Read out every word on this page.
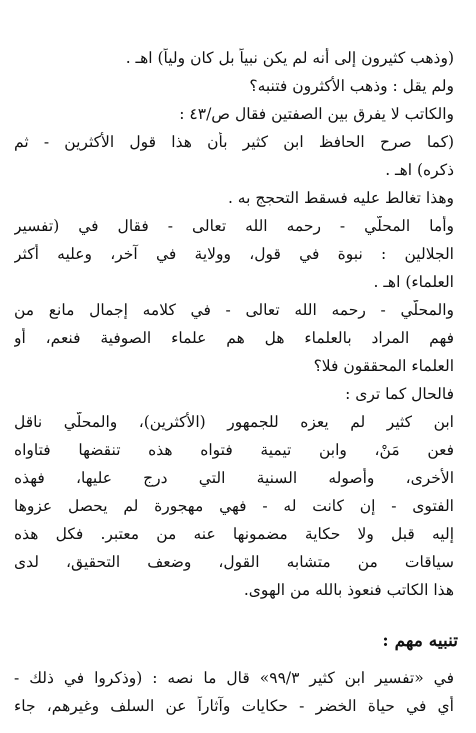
(وذهب كثيرون إلى أنه لم يكن نبياً بل كان ولياً) اهـ .
ولم يقل : وذهب الأكثرون فتنبه؟
والكاتب لا يفرق بين الصفتين فقال ص/٤٣ :
(كما صرح الحافظ ابن كثير بأن هذا قول الأكثرين - ثم
ذكره) اهـ .
وهذا تغالط عليه فسقط التحجج به .
وأما المحلّي - رحمه الله تعالى - فقال في (تفسير
الجلالين : نبوة في قول، وولاية في آخر، وعليه أكثر
العلماء) اهـ .
والمحلّي - رحمه الله تعالى - في كلامه إجمال مانع من
فهم المراد بالعلماء هل هم علماء الصوفية فنعم، أو
العلماء المحققون فلا؟
فالحال كما ترى :
ابن كثير لم يعزه للجمهور (الأكثرين)، والمحلّي ناقل
فعن مَنْ، وابن تيمية فتواه هذه تنقضها فتاواه
الأخرى، وأصوله السنية التي درج عليها، فهذه
الفتوى - إن كانت له - فهي مهجورة لم يحصل عزوها
إليه قبل ولا حكاية مضمونها عنه من معتبر. فكل هذه
سياقات من متشابه القول، وضعف التحقيق، لدى
هذا الكاتب فنعوذ بالله من الهوى.
تنبيه مهم :
في «تفسير ابن كثير ٩٩/٣» قال ما نصه : (وذكروا في ذلك -
أي في حياة الخضر - حكايات وآثاراً عن السلف وغيرهم، جاء
